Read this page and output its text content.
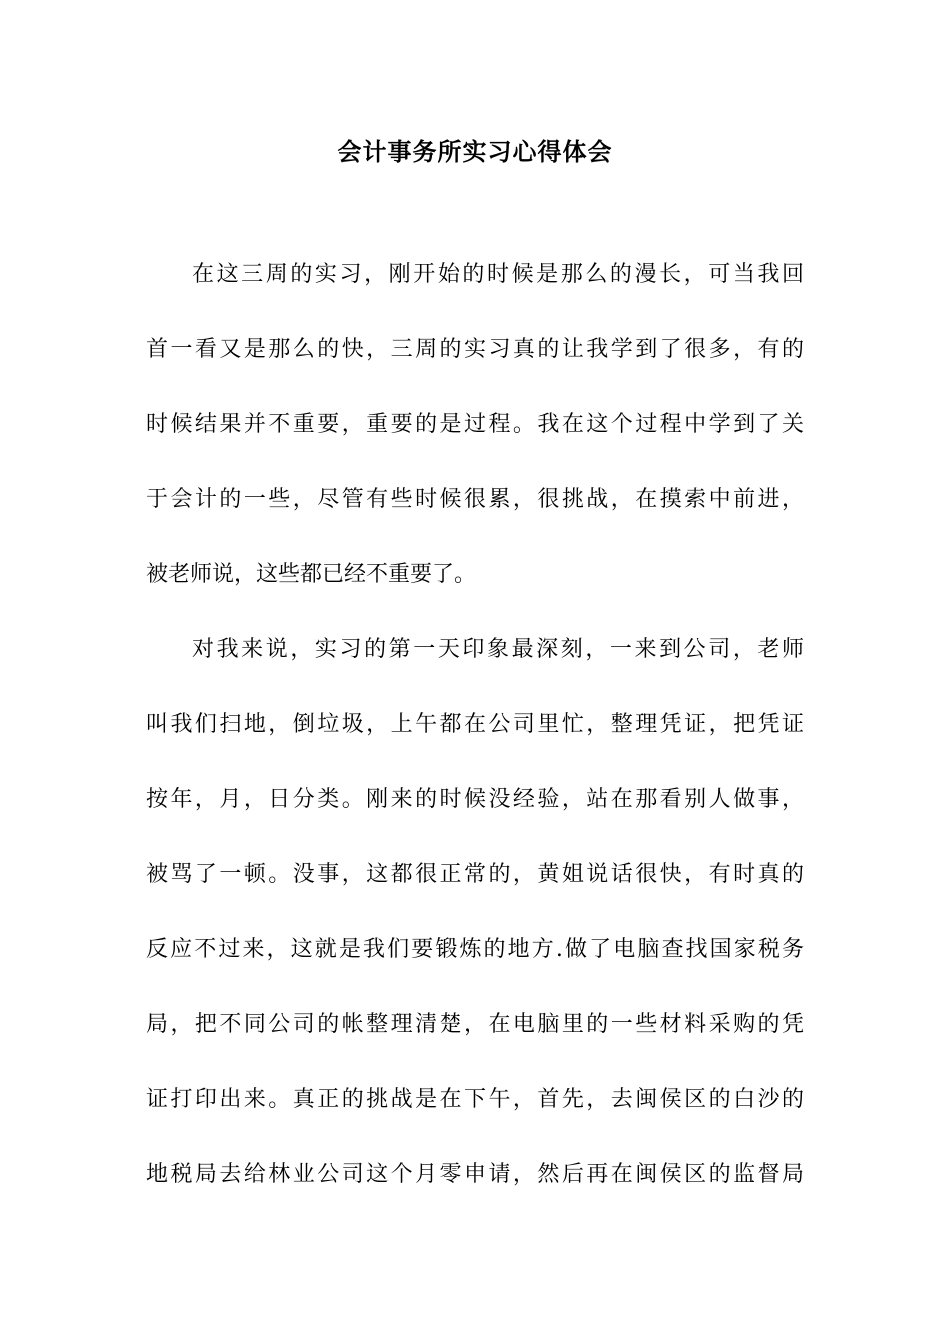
会计事务所实习心得体会
在这三周的实习，刚开始的时候是那么的漫长，可当我回
首一看又是那么的快，三周的实习真的让我学到了很多，有的
时候结果并不重要，重要的是过程。我在这个过程中学到了关
于会计的一些，尽管有些时候很累，很挑战，在摸索中前进，
被老师说，这些都已经不重要了。
对我来说，实习的第一天印象最深刻，一来到公司，老师
叫我们扫地，倒垃圾，上午都在公司里忙，整理凭证，把凭证
按年，月，日分类。刚来的时候没经验，站在那看别人做事，
被骂了一顿。没事，这都很正常的，黄姐说话很快，有时真的
反应不过来，这就是我们要锻炼的地方.做了电脑查找国家税务
局，把不同公司的帐整理清楚，在电脑里的一些材料采购的凭
证打印出来。真正的挑战是在下午，首先，去闽侯区的白沙的
地税局去给林业公司这个月零申请，然后再在闽侯区的监督局
